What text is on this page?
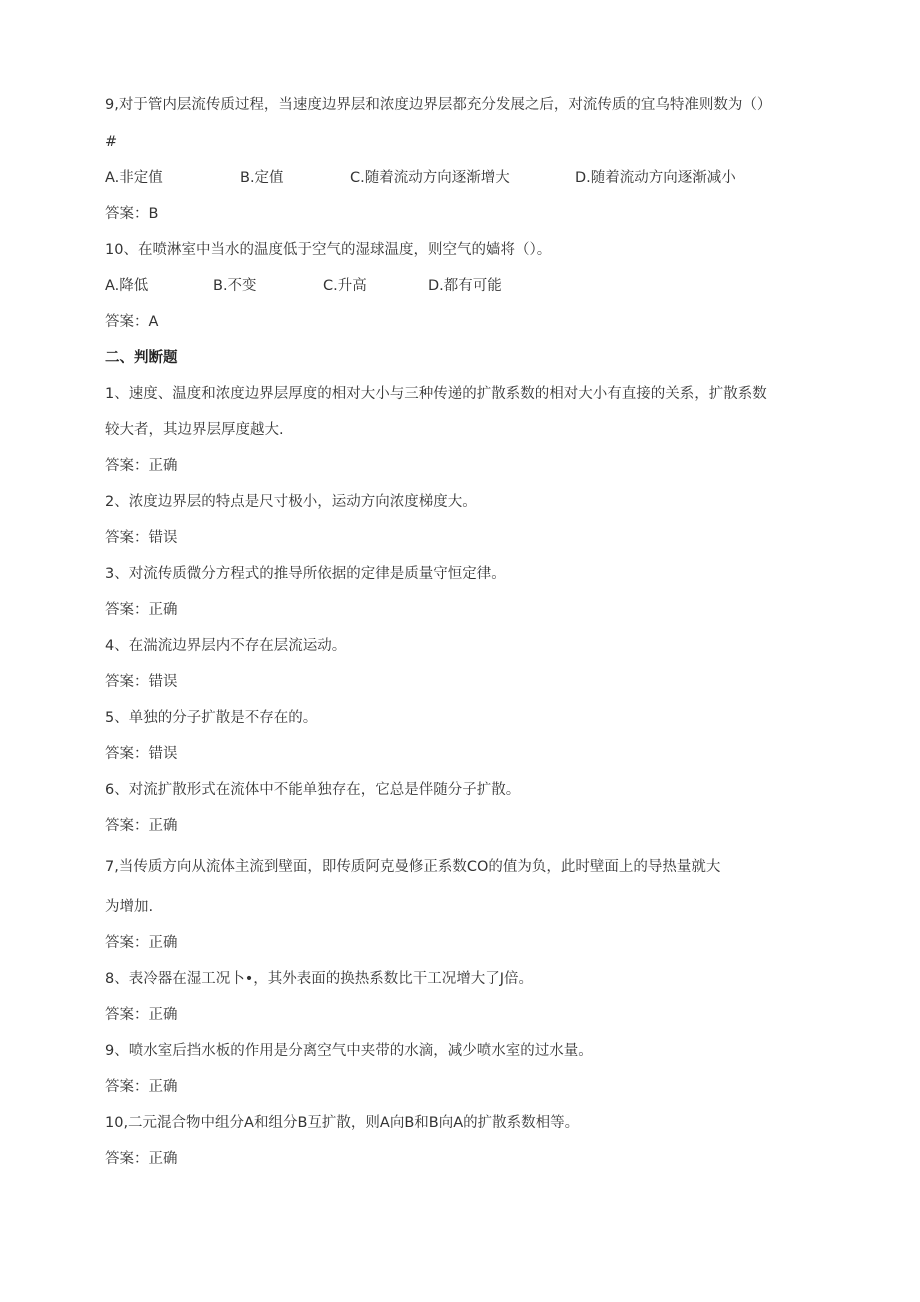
9,对于管内层流传质过程，当速度边界层和浓度边界层都充分发展之后，对流传质的宜乌特准则数为（）
#
A.非定值	B.定值	C.随着流动方向逐渐增大	D.随着流动方向逐渐减小
答案：B
10、在喷淋室中当水的温度低于空气的湿球温度，则空气的嫱将（）。
A.降低	B.不变	C.升高	D.都有可能
答案：A
二、判断题
1、速度、温度和浓度边界层厚度的相对大小与三种传递的扩散系数的相对大小有直接的关系，扩散系数
较大者，其边界层厚度越大.
答案：正确
2、浓度边界层的特点是尺寸极小，运动方向浓度梯度大。
答案：错误
3、对流传质微分方程式的推导所依据的定律是质量守恒定律。
答案：正确
4、在湍流边界层内不存在层流运动。
答案：错误
5、单独的分子扩散是不存在的。
答案：错误
6、对流扩散形式在流体中不能单独存在，它总是伴随分子扩散。
答案：正确
7,当传质方向从流体主流到壁面，即传质阿克曼修正系数CO的值为负，此时壁面上的导热量就大
为增加.
答案：正确
8、表冷器在湿工况卜•，其外表面的换热系数比干工况增大了J倍。
答案：正确
9、喷水室后挡水板的作用是分离空气中夹带的水滴，减少喷水室的过水量。
答案：正确
10,二元混合物中组分A和组分B互扩散，则A向B和B向A的扩散系数相等。
答案：正确
